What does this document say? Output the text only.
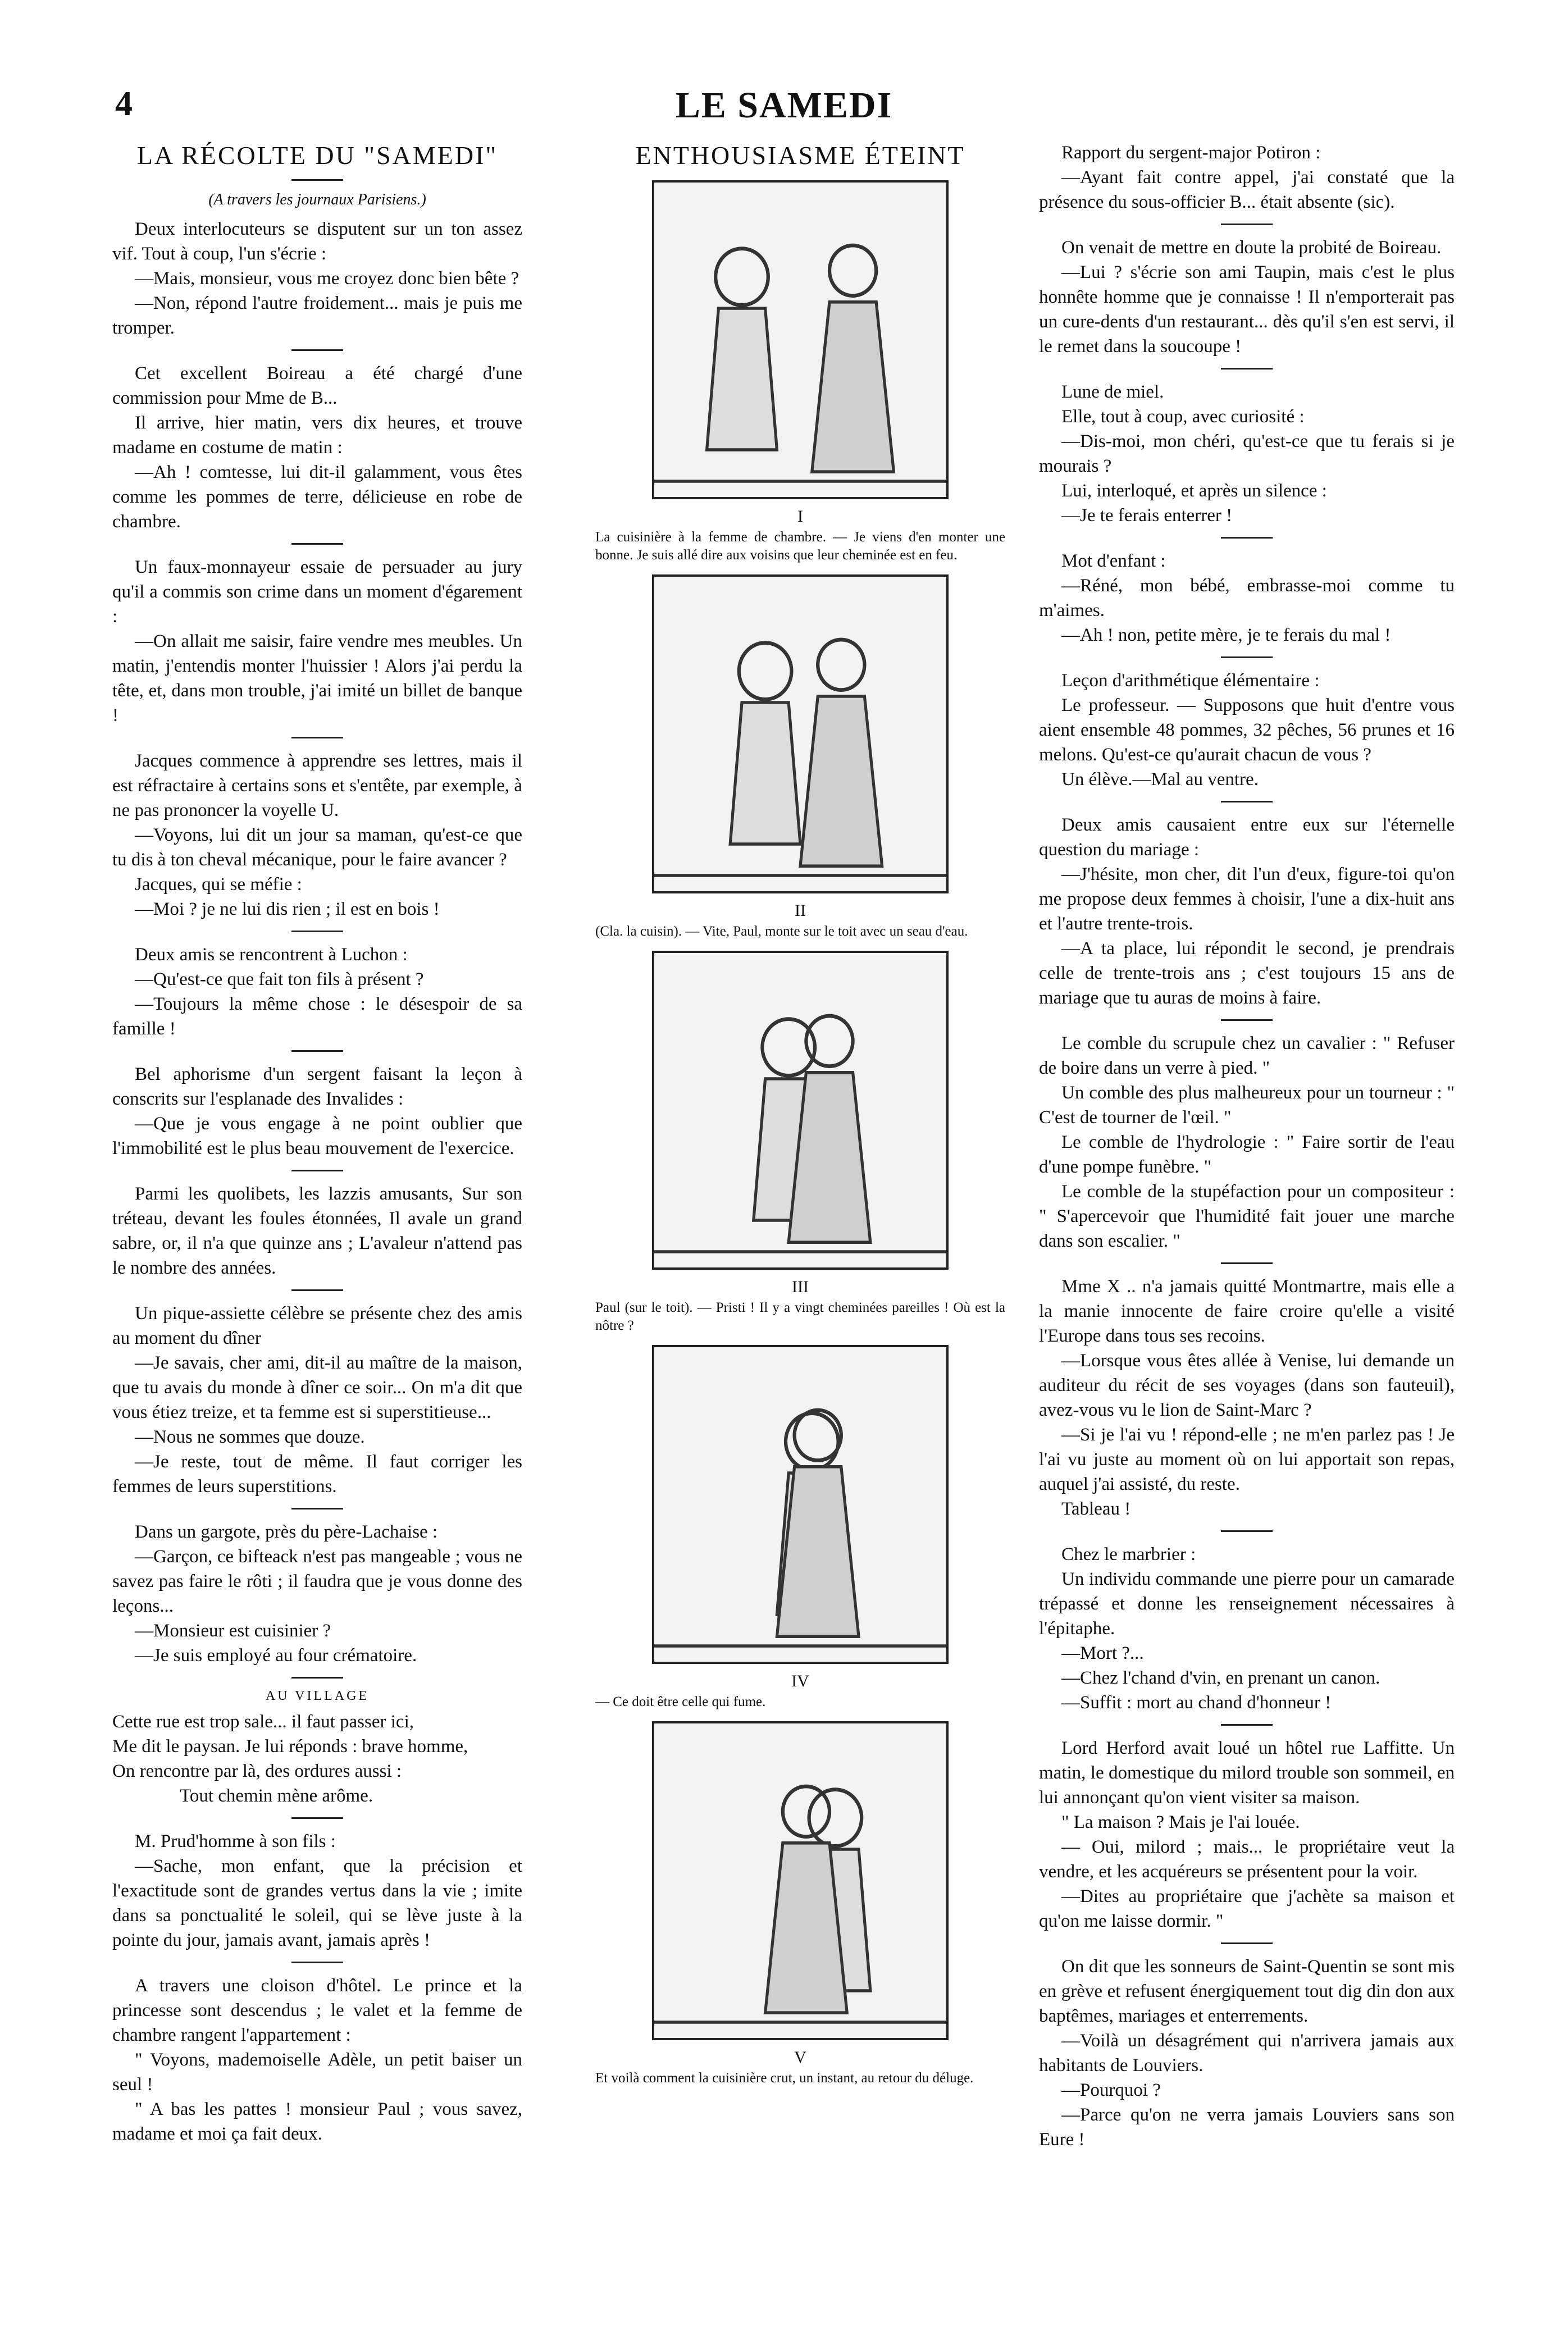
LE SAMEDI
4
LA RÉCOLTE DU "SAMEDI"
(A travers les journaux Parisiens.)

Deux interlocuteurs se disputent sur un ton assez vif. Tout à coup, l'un s'écrie :

—Mais, monsieur, vous me croyez donc bien bête ?

—Non, répond l'autre froidement... mais je puis me tromper.

Cet excellent Boireau a été chargé d'une commission pour Mme de B...

Il arrive, hier matin, vers dix heures, et trouve madame en costume de matin :

—Ah ! comtesse, lui dit-il galamment, vous êtes comme les pommes de terre, délicieuse en robe de chambre.

Un faux-monnayeur essaie de persuader au jury qu'il a commis son crime dans un moment d'égarement :

—On allait me saisir, faire vendre mes meubles. Un matin, j'entendis monter l'huissier ! Alors j'ai perdu la tête, et, dans mon trouble, j'ai imité un billet de banque !

Jacques commence à apprendre ses lettres, mais il est réfractaire à certains sons et s'entête, par exemple, à ne pas prononcer la voyelle U.

—Voyons, lui dit un jour sa maman, qu'est-ce que tu dis à ton cheval mécanique, pour le faire avancer ?

Jacques, qui se méfie :

—Moi ? je ne lui dis rien ; il est en bois !

Deux amis se rencontrent à Luchon :

—Qu'est-ce que fait ton fils à présent ?

—Toujours la même chose : le désespoir de sa famille !

Bel aphorisme d'un sergent faisant la leçon à conscrits sur l'esplanade des Invalides :

—Que je vous engage à ne point oublier que l'immobilité est le plus beau mouvement de l'exercice.

Parmi les quolibets, les lazzis amusants, Sur son tréteau, devant les foules étonnées, Il avale un grand sabre, or, il n'a que quinze ans ; L'avaleur n'attend pas le nombre des années.

Un pique-assiette célèbre se présente chez des amis au moment du dîner

—Je savais, cher ami, dit-il au maître de la maison, que tu avais du monde à dîner ce soir... On m'a dit que vous étiez treize, et ta femme est si superstitieuse...

—Nous ne sommes que douze.

—Je reste, tout de même. Il faut corriger les femmes de leurs superstitions.

Dans un gargote, près du père-Lachaise :

—Garçon, ce bifteack n'est pas mangeable ; vous ne savez pas faire le rôti ; il faudra que je vous donne des leçons...

—Monsieur est cuisinier ?

—Je suis employé au four crématoire.

AU VILLAGE

Cette rue est trop sale... il faut passer ici,

Me dit le paysan. Je lui réponds : brave homme,

On rencontre par là, des ordures aussi :

Tout chemin mène arôme.

M. Prud'homme à son fils :

—Sache, mon enfant, que la précision et l'exactitude sont de grandes vertus dans la vie ; imite dans sa ponctualité le soleil, qui se lève juste à la pointe du jour, jamais avant, jamais après !

A travers une cloison d'hôtel. Le prince et la princesse sont descendus ; le valet et la femme de chambre rangent l'appartement :

" Voyons, mademoiselle Adèle, un petit baiser un seul !

" A bas les pattes ! monsieur Paul ; vous savez, madame et moi ça fait deux.

ENTHOUSIASME ÉTEINT
I
La cuisinière à la femme de chambre. — Je viens d'en monter une bonne. Je suis allé dire aux voisins que leur cheminée est en feu.
II
(Cla. la cuisin). — Vite, Paul, monte sur le toit avec un seau d'eau.
III
Paul (sur le toit). — Pristi ! Il y a vingt cheminées pareilles ! Où est la nôtre ?
IV
— Ce doit être celle qui fume.
V
Et voilà comment la cuisinière crut, un instant, au retour du déluge.

Rapport du sergent-major Potiron :

—Ayant fait contre appel, j'ai constaté que la présence du sous-officier B... était absente (sic).

On venait de mettre en doute la probité de Boireau.

—Lui ? s'écrie son ami Taupin, mais c'est le plus honnête homme que je connaisse ! Il n'emporterait pas un cure-dents d'un restaurant... dès qu'il s'en est servi, il le remet dans la soucoupe !

Lune de miel.

Elle, tout à coup, avec curiosité :

—Dis-moi, mon chéri, qu'est-ce que tu ferais si je mourais ?

Lui, interloqué, et après un silence :

—Je te ferais enterrer !

Mot d'enfant :

—Réné, mon bébé, embrasse-moi comme tu m'aimes.

—Ah ! non, petite mère, je te ferais du mal !

Leçon d'arithmétique élémentaire :

Le professeur. — Supposons que huit d'entre vous aient ensemble 48 pommes, 32 pêches, 56 prunes et 16 melons. Qu'est-ce qu'aurait chacun de vous ?

Un élève.—Mal au ventre.

Deux amis causaient entre eux sur l'éternelle question du mariage :

—J'hésite, mon cher, dit l'un d'eux, figure-toi qu'on me propose deux femmes à choisir, l'une a dix-huit ans et l'autre trente-trois.

—A ta place, lui répondit le second, je prendrais celle de trente-trois ans ; c'est toujours 15 ans de mariage que tu auras de moins à faire.

Le comble du scrupule chez un cavalier : " Refuser de boire dans un verre à pied. "

Un comble des plus malheureux pour un tourneur : " C'est de tourner de l'œil. "

Le comble de l'hydrologie : " Faire sortir de l'eau d'une pompe funèbre. "

Le comble de la stupéfaction pour un compositeur : " S'apercevoir que l'humidité fait jouer une marche dans son escalier. "

Mme X .. n'a jamais quitté Montmartre, mais elle a la manie innocente de faire croire qu'elle a visité l'Europe dans tous ses recoins.

—Lorsque vous êtes allée à Venise, lui demande un auditeur du récit de ses voyages (dans son fauteuil), avez-vous vu le lion de Saint-Marc ?

—Si je l'ai vu ! répond-elle ; ne m'en parlez pas ! Je l'ai vu juste au moment où on lui apportait son repas, auquel j'ai assisté, du reste.

Tableau !

Chez le marbrier :

Un individu commande une pierre pour un camarade trépassé et donne les renseignement nécessaires à l'épitaphe.

—Mort ?...

—Chez l'chand d'vin, en prenant un canon.

—Suffit : mort au chand d'honneur !

Lord Herford avait loué un hôtel rue Laffitte. Un matin, le domestique du milord trouble son sommeil, en lui annonçant qu'on vient visiter sa maison.

" La maison ? Mais je l'ai louée.

— Oui, milord ; mais... le propriétaire veut la vendre, et les acquéreurs se présentent pour la voir.

—Dites au propriétaire que j'achète sa maison et qu'on me laisse dormir. "

On dit que les sonneurs de Saint-Quentin se sont mis en grève et refusent énergiquement tout dig din don aux baptêmes, mariages et enterrements.

—Voilà un désagrément qui n'arrivera jamais aux habitants de Louviers.

—Pourquoi ?

—Parce qu'on ne verra jamais Louviers sans son Eure !
